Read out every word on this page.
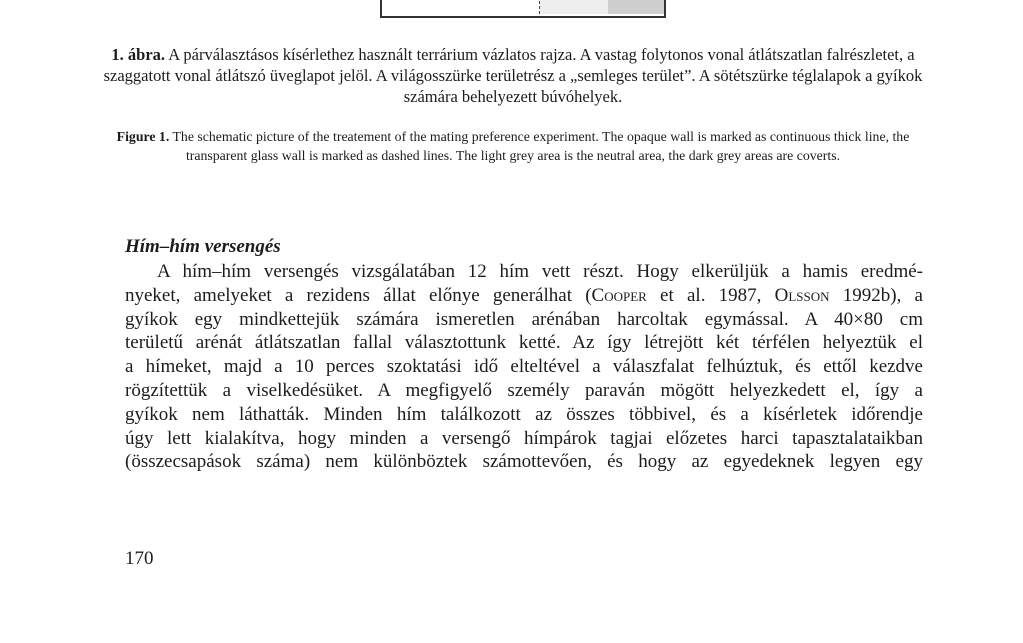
1. ábra. A párválasztásos kísérlethez használt terrárium vázlatos rajza. A vastag folytonos vonal átlátszatlan falrészletet, a szaggatott vonal átlátszó üveglapot jelöl. A világosszürke területrész a „semleges terület”. A sötétszürke téglalapok a gyíkok számára behelyezett búvóhelyek.
Figure 1. The schematic picture of the treatement of the mating preference experiment. The opaque wall is marked as continuous thick line, the transparent glass wall is marked as dashed lines. The light grey area is the neutral area, the dark grey areas are coverts.
Hím–hím versengés
A hím–hím versengés vizsgálatában 12 hím vett részt. Hogy elkerüljük a hamis eredmé-
nyeket, amelyeket a rezidens állat előnye generálhat (Cooper et al. 1987, Olsson 1992b), a
gyíkok egy mindkettejük számára ismeretlen arénában harcoltak egymással. A 40×80 cm
területű arénát átlátszatlan fallal választottunk ketté. Az így létrejött két térfélen helyeztük el
a hímeket, majd a 10 perces szoktatási idő elteltével a válaszfalat felhúztuk, és ettől kezdve
rögzítettük a viselkedésüket. A megfigyelő személy paraván mögött helyezkedett el, így a
gyíkok nem láthatták. Minden hím találkozott az összes többivel, és a kísérletek időrendje
úgy lett kialakítva, hogy minden a versengő hímpárok tagjai előzetes harci tapasztalataikban
(összecsapások száma) nem különböztek számottevően, és hogy az egyedeknek legyen egy
170
